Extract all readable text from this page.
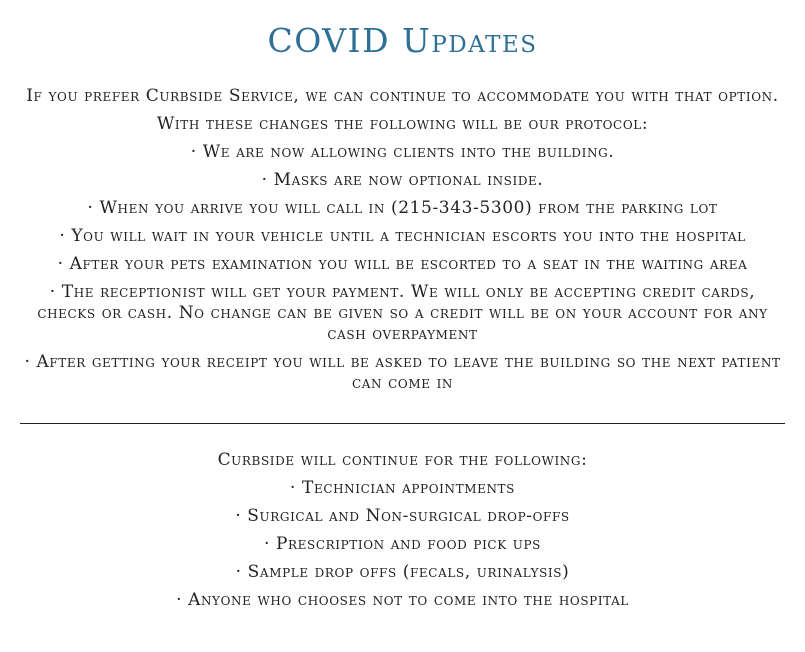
COVID Updates

If you prefer Curbside Service, we can continue to accommodate you with that option.

With these changes the following will be our protocol:

· We are now allowing clients into the building.
· Masks are now optional inside.
· When you arrive you will call in (215-343-5300) from the parking lot
· You will wait in your vehicle until a technician escorts you into the hospital
· After your pets examination you will be escorted to a seat in the waiting area
· The receptionist will get your payment. We will only be accepting credit cards, checks or cash. No change can be given so a credit will be on your account for any cash overpayment
· After getting your receipt you will be asked to leave the building so the next patient can come in

Curbside will continue for the following:

· Technician appointments
· Surgical and Non-surgical drop-offs
· Prescription and food pick ups
· Sample drop offs (fecals, urinalysis)
· Anyone who chooses not to come into the hospital
